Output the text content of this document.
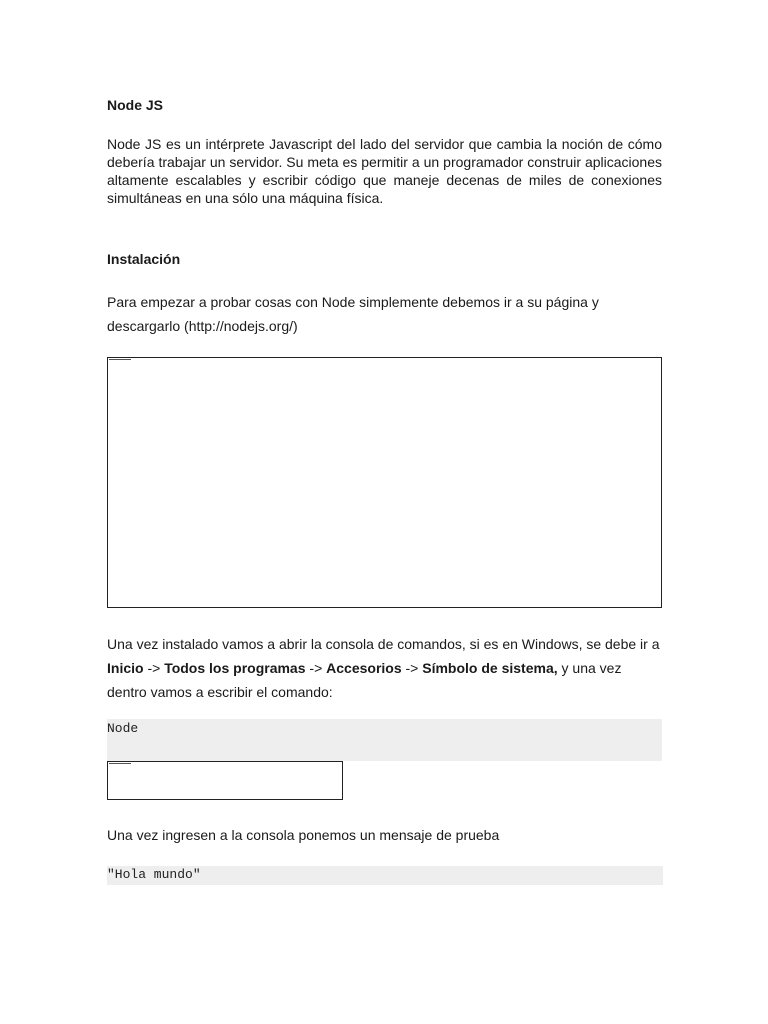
Node JS

Node JS es un intérprete Javascript del lado del servidor que cambia la noción de cómo debería trabajar un servidor. Su meta es permitir a un programador construir aplicaciones altamente escalables y escribir código que maneje decenas de miles de conexiones simultáneas en una sólo una máquina física.

Instalación

Para empezar a probar cosas con Node simplemente debemos ir a su página y descargarlo (http://nodejs.org/)

Una vez instalado vamos a abrir la consola de comandos, si es en Windows, se debe ir a Inicio -> Todos los programas -> Accesorios -> Símbolo de sistema, y una vez dentro vamos a escribir el comando:

Node

Una vez ingresen a la consola ponemos un mensaje de prueba

"Hola mundo"
